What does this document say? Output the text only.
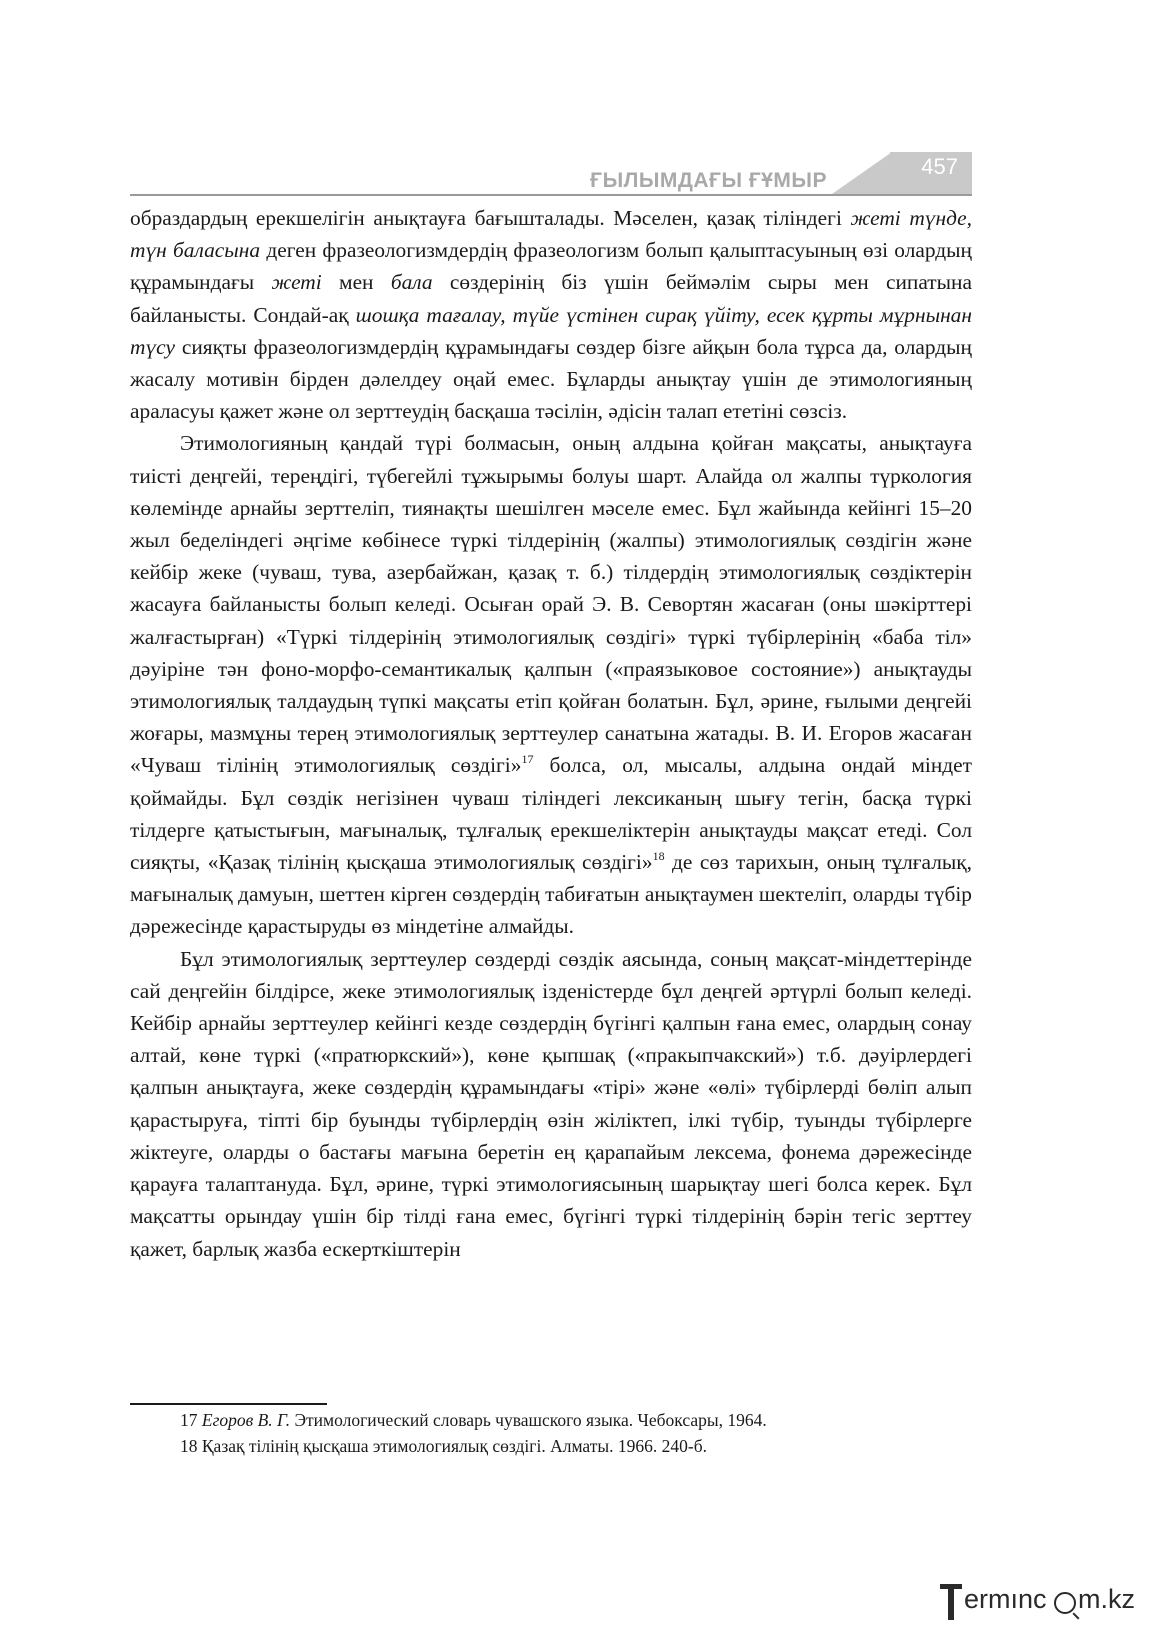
ҒЫЛЫМДАҒЫ ҒҰМЫР
457

образдардың ерекшелігін анықтауға бағышталады. Мәселен, қазақ тіліндегі жеті түнде, түн баласына деген фразеологизмдердің фразеологизм болып қалыптасуының өзі олардың құрамындағы жеті мен бала сөздерінің біз үшін беймәлім сыры мен сипатына байланысты. Сондай-ақ шошқа тағалау, түйе үстінен сирақ үйіту, есек құрты мұрнынан түсу сияқты фразеологизмдердің құрамындағы сөздер бізге айқын бола тұрса да, олардың жасалу мотивін бірден дәлелдеу оңай емес. Бұларды анықтау үшін де этимологияның араласуы қажет және ол зерттеудің басқаша тәсілін, әдісін талап ететіні сөзсіз.

Этимологияның қандай түрі болмасын, оның алдына қойған мақсаты, анықтауға тиісті деңгейі, тереңдігі, түбегейлі тұжырымы болуы шарт. Алайда ол жалпы түркология көлемінде арнайы зерттеліп, тиянақты шешілген мәселе емес. Бұл жайында кейінгі 15–20 жыл беделіндегі әңгіме көбінесе түркі тілдерінің (жалпы) этимологиялық сөздігін және кейбір жеке (чуваш, тува, азербайжан, қазақ т. б.) тілдердің этимологиялық сөздіктерін жасауға байланысты болып келеді. Осыған орай Э. В. Севортян жасаған (оны шәкірттері жалғастырған) «Түркі тілдерінің этимологиялық сөздігі» түркі түбірлерінің «баба тіл» дәуіріне тән фоно-морфо-семантикалық қалпын («праязыковое состояние») анықтауды этимологиялық талдаудың түпкі мақсаты етіп қойған болатын. Бұл, әрине, ғылыми деңгейі жоғары, мазмұны терең этимологиялық зерттеулер санатына жатады. В. И. Егоров жасаған «Чуваш тілінің этимологиялық сөздігі»$^{17}$ болса, ол, мысалы, алдына ондай міндет қоймайды. Бұл сөздік негізінен чуваш тіліндегі лексиканың шығу тегін, басқа түркі тілдерге қатыстығын, мағыналық, тұлғалық ерекшеліктерін анықтауды мақсат етеді. Сол сияқты, «Қазақ тілінің қысқаша этимологиялық сөздігі»$^{18}$ де сөз тарихын, оның тұлғалық, мағыналық дамуын, шеттен кірген сөздердің табиғатын анықтаумен шектеліп, оларды түбір дәрежесінде қарастыруды өз міндетіне алмайды.

Бұл этимологиялық зерттеулер сөздерді сөздік аясында, соның мақсат-міндеттерінде сай деңгейін білдірсе, жеке этимологиялық ізденістерде бұл деңгей әртүрлі болып келеді. Кейбір арнайы зерттеулер кейінгі кезде сөздердің бүгінгі қалпын ғана емес, олардың сонау алтай, көне түркі («пратюркский»), көне қыпшақ («пракыпчакский») т.б. дәуірлердегі қалпын анықтауға, жеке сөздердің құрамындағы «тірі» және «өлі» түбірлерді бөліп алып қарастыруға, тіпті бір буынды түбірлердің өзін жіліктеп, ілкі түбір, туынды түбірлерге жіктеуге, оларды о бастағы мағына беретін ең қарапайым лексема, фонема дәрежесінде қарауға талаптануда. Бұл, әрине, түркі этимологиясының шарықтау шегі болса керек. Бұл мақсатты орындау үшін бір тілді ғана емес, бүгінгі түркі тілдерінің бәрін тегіс зерттеу қажет, барлық жазба ескерткіштерін

17 Егоров В. Г. Этимологический словарь чувашского языка. Чебоксары, 1964.

18 Қазақ тілінің қысқаша этимологиялық сөздігі. Алматы. 1966. 240-б.

ermınc m.kz
